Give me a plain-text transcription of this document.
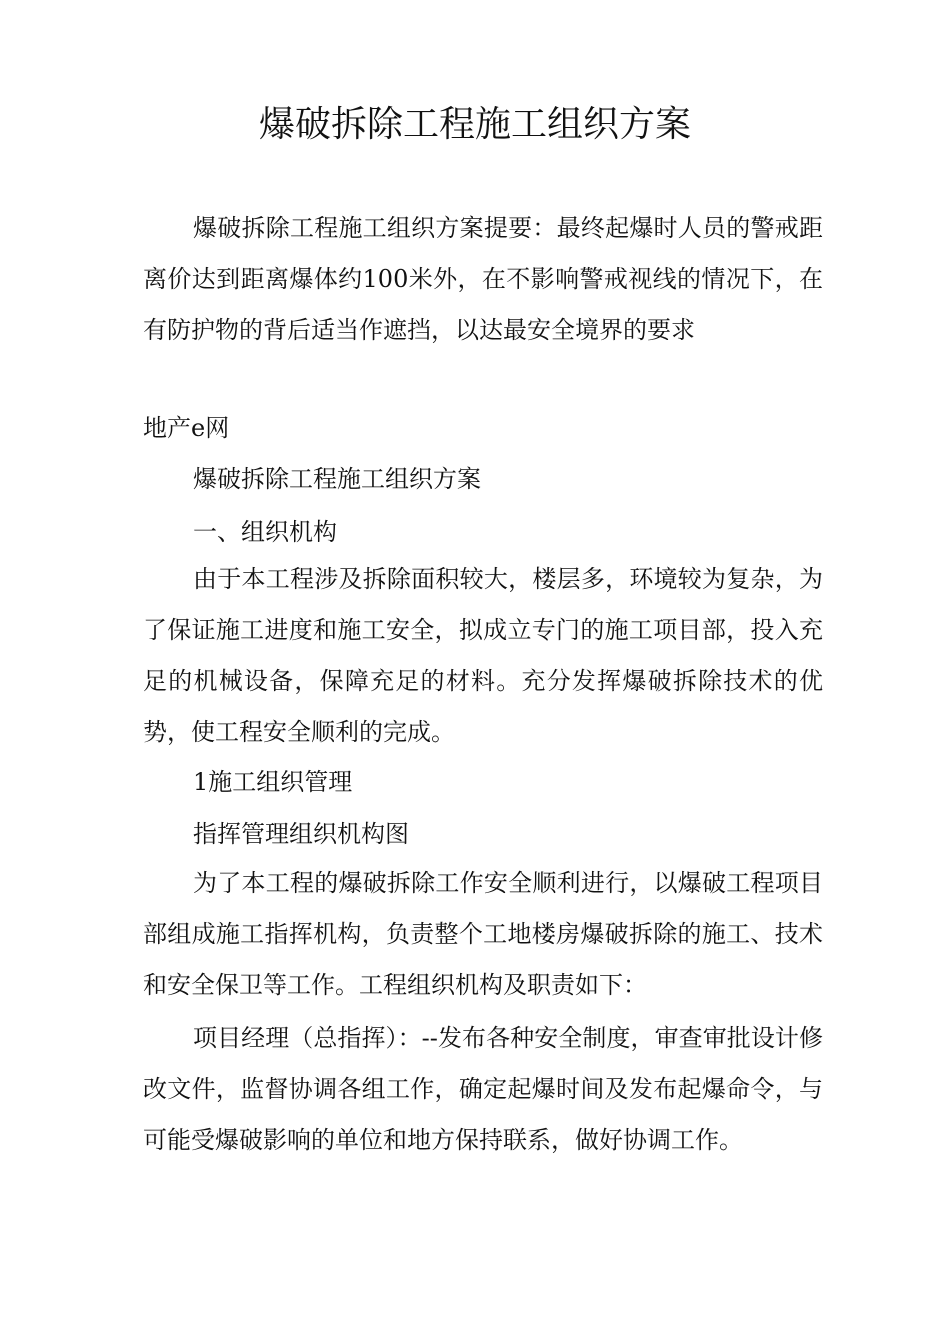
爆破拆除工程施工组织方案

爆破拆除工程施工组织方案提要：最终起爆时人员的警戒距离价达到距离爆体约100米外，在不影响警戒视线的情况下，在有防护物的背后适当作遮挡，以达最安全境界的要求

地产e网
爆破拆除工程施工组织方案
一、组织机构

由于本工程涉及拆除面积较大，楼层多，环境较为复杂，为了保证施工进度和施工安全，拟成立专门的施工项目部，投入充足的机械设备，保障充足的材料。充分发挥爆破拆除技术的优势，使工程安全顺利的完成。

1施工组织管理
指挥管理组织机构图

为了本工程的爆破拆除工作安全顺利进行，以爆破工程项目部组成施工指挥机构，负责整个工地楼房爆破拆除的施工、技术和安全保卫等工作。工程组织机构及职责如下：

项目经理（总指挥）：--发布各种安全制度，审查审批设计修改文件，监督协调各组工作，确定起爆时间及发布起爆命令，与可能受爆破影响的单位和地方保持联系，做好协调工作。
